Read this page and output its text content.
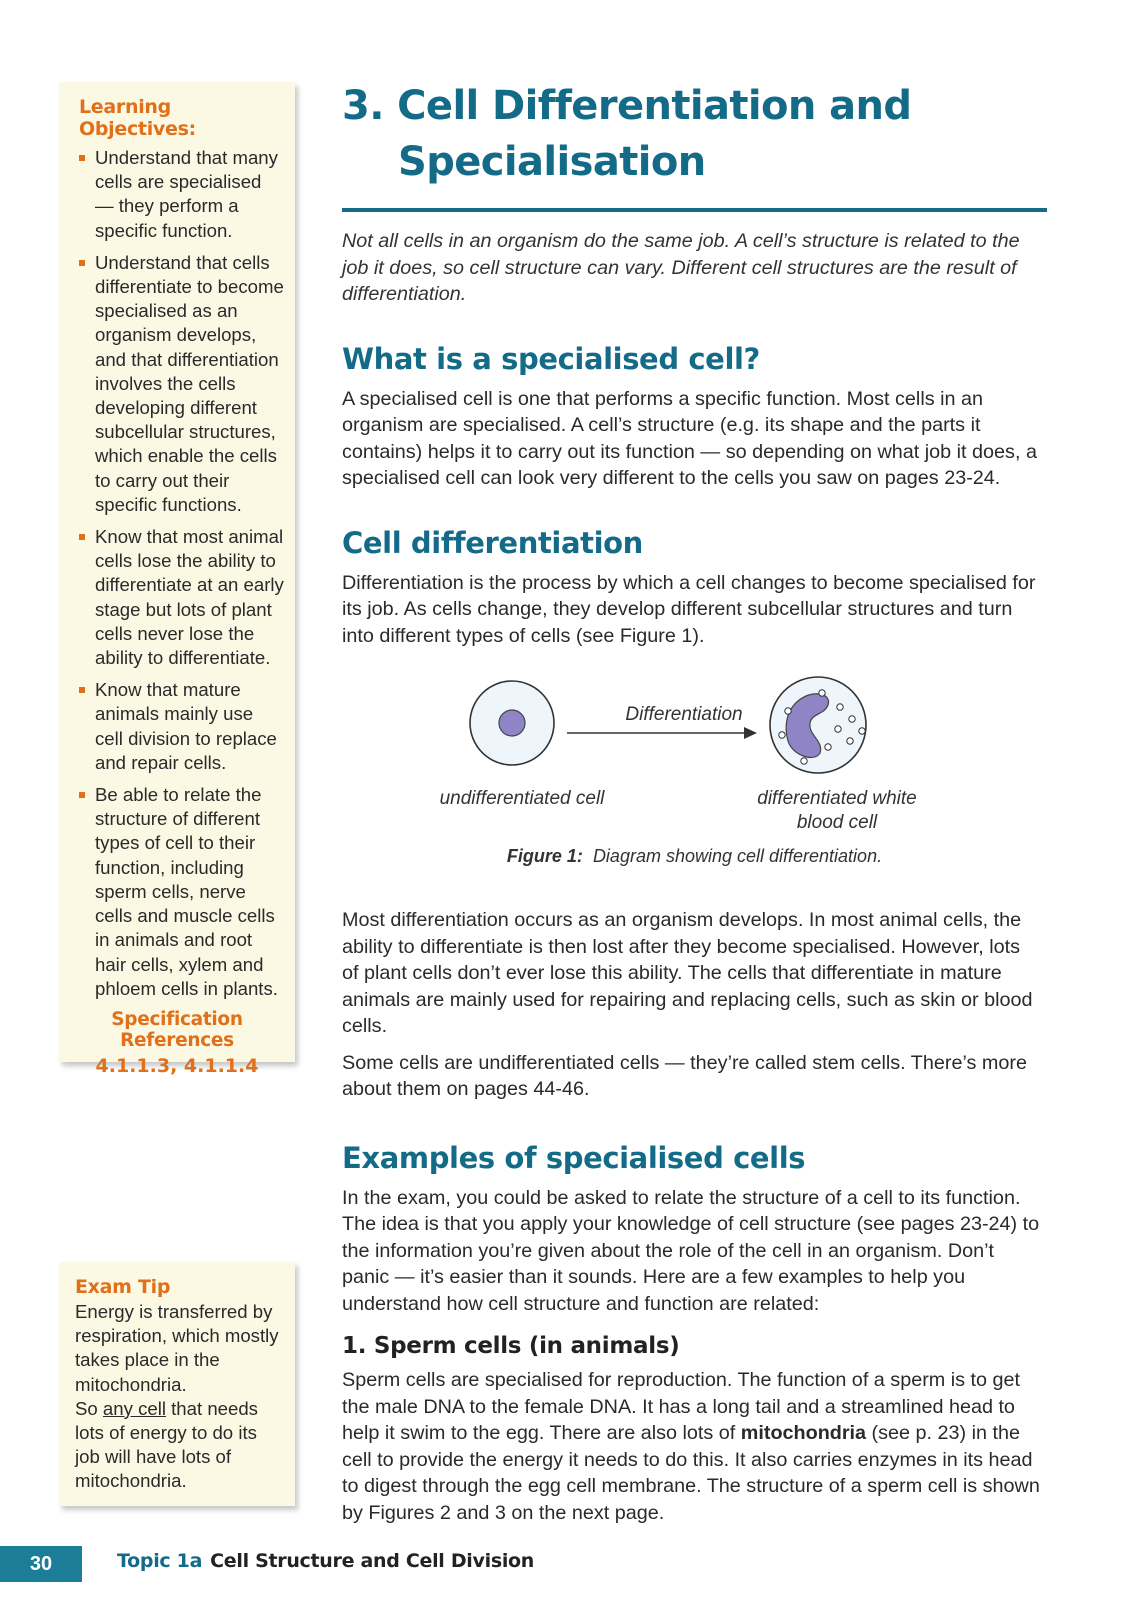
Learning Objectives:
Understand that many cells are specialised — they perform a specific function.
Understand that cells differentiate to become specialised as an organism develops, and that differentiation involves the cells developing different subcellular structures, which enable the cells to carry out their specific functions.
Know that most animal cells lose the ability to differentiate at an early stage but lots of plant cells never lose the ability to differentiate.
Know that mature animals mainly use cell division to replace and repair cells.
Be able to relate the structure of different types of cell to their function, including sperm cells, nerve cells and muscle cells in animals and root hair cells, xylem and phloem cells in plants.
Specification References
4.1.1.3, 4.1.1.4
Exam Tip
Energy is transferred by respiration, which mostly takes place in the mitochondria.
So any cell that needs lots of energy to do its job will have lots of mitochondria.
3. Cell Differentiation and
Specialisation

Not all cells in an organism do the same job. A cell’s structure is related to the job it does, so cell structure can vary. Different cell structures are the result of differentiation.

What is a specialised cell?

A specialised cell is one that performs a specific function. Most cells in an organism are specialised. A cell’s structure (e.g. its shape and the parts it contains) helps it to carry out its function — so depending on what job it does, a specialised cell can look very different to the cells you saw on pages 23-24.

Cell differentiation

Differentiation is the process by which a cell changes to become specialised for its job. As cells change, they develop different subcellular structures and turn into different types of cells (see Figure 1).

Differentiation
undifferentiated cell	differentiated white blood cell
Figure 1: Diagram showing cell differentiation.

Most differentiation occurs as an organism develops. In most animal cells, the ability to differentiate is then lost after they become specialised. However, lots of plant cells don’t ever lose this ability. The cells that differentiate in mature animals are mainly used for repairing and replacing cells, such as skin or blood cells.

Some cells are undifferentiated cells — they’re called stem cells. There’s more about them on pages 44-46.

Examples of specialised cells

In the exam, you could be asked to relate the structure of a cell to its function. The idea is that you apply your knowledge of cell structure (see pages 23-24) to the information you’re given about the role of the cell in an organism. Don’t panic — it’s easier than it sounds. Here are a few examples to help you understand how cell structure and function are related:

1. Sperm cells (in animals)

Sperm cells are specialised for reproduction. The function of a sperm is to get the male DNA to the female DNA. It has a long tail and a streamlined head to help it swim to the egg. There are also lots of mitochondria (see p. 23) in the cell to provide the energy it needs to do this. It also carries enzymes in its head to digest through the egg cell membrane. The structure of a sperm cell is shown by Figures 2 and 3 on the next page.

30	Topic 1a Cell Structure and Cell Division
